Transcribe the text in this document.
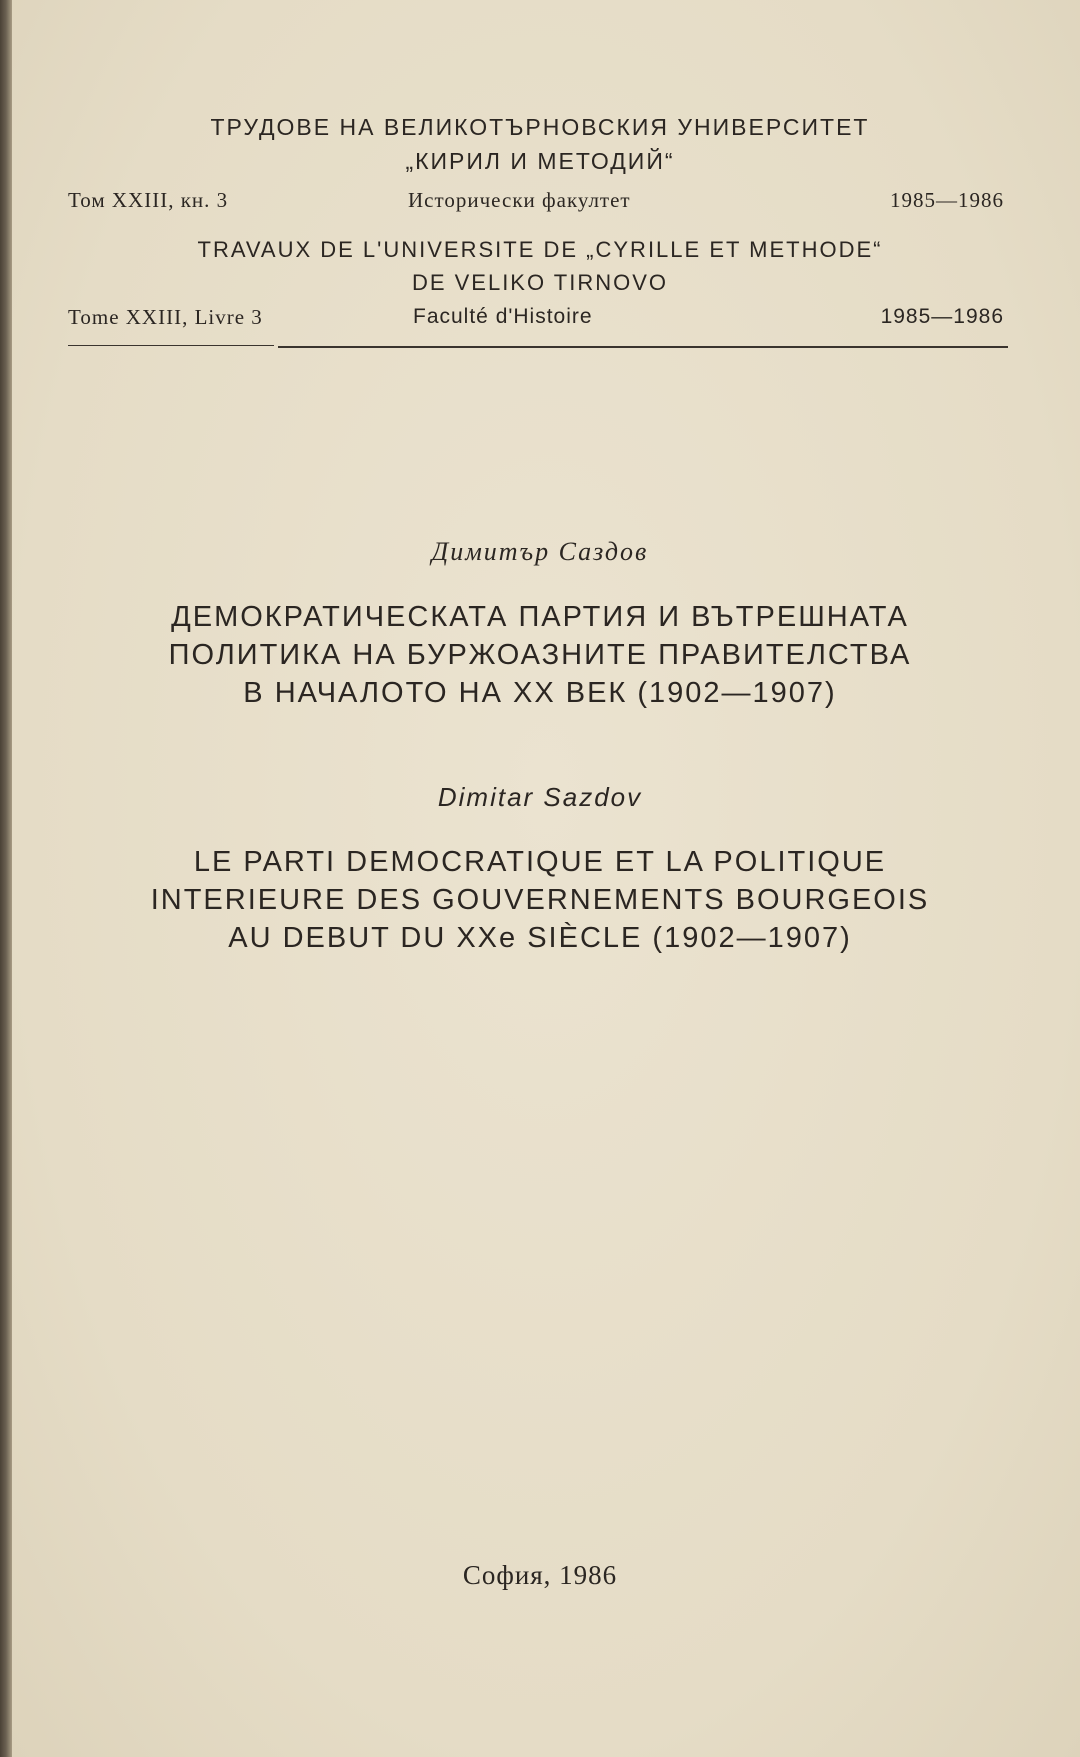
ТРУДОВЕ НА ВЕЛИКОТЪРНОВСКИЯ УНИВЕРСИТЕТ
„КИРИЛ И МЕТОДИЙ“
Том XXIII, кн. 3	Исторически факултет	1985—1986
TRAVAUX DE L'UNIVERSITE DE „CYRILLE ET METHODE“
DE VELIKO TIRNOVO
Tome XXIII, Livre 3	Faculté d'Histoire	1985—1986
Димитър Саздов
ДЕМОКРАТИЧЕСКАТА ПАРТИЯ И ВЪТРЕШНАТА
ПОЛИТИКА НА БУРЖОАЗНИТЕ ПРАВИТЕЛСТВА
В НАЧАЛОТО НА XX ВЕК (1902—1907)
Dimitar Sazdov
LE PARTI DEMOCRATIQUE ET LA POLITIQUE
INTERIEURE DES GOUVERNEMENTS BOURGEOIS
AU DEBUT DU XXe SIÈCLE (1902—1907)
София, 1986
